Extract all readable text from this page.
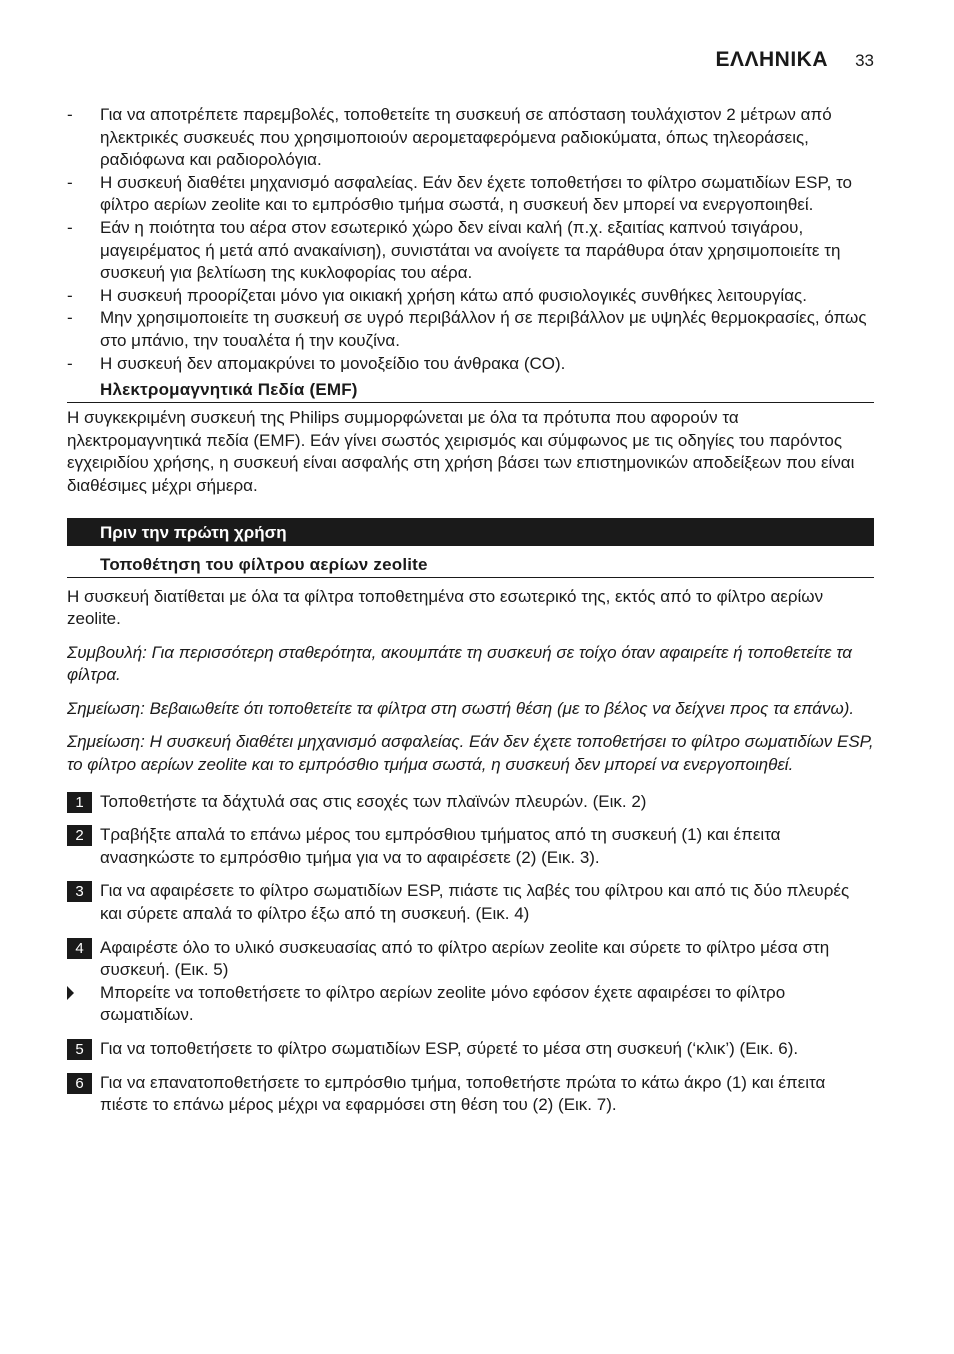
ΕΛΛΗΝΙΚΑ 33
- Για να αποτρέπετε παρεμβολές, τοποθετείτε τη συσκευή σε απόσταση τουλάχιστον 2 μέτρων από ηλεκτρικές συσκευές που χρησιμοποιούν αερομεταφερόμενα ραδιοκύματα, όπως τηλεοράσεις, ραδιόφωνα και ραδιορολόγια.
- Η συσκευή διαθέτει μηχανισμό ασφαλείας. Εάν δεν έχετε τοποθετήσει το φίλτρο σωματιδίων ESP, το φίλτρο αερίων zeolite και το εμπρόσθιο τμήμα σωστά, η συσκευή δεν μπορεί να ενεργοποιηθεί.
- Εάν η ποιότητα του αέρα στον εσωτερικό χώρο δεν είναι καλή (π.χ. εξαιτίας καπνού τσιγάρου, μαγειρέματος ή μετά από ανακαίνιση), συνιστάται να ανοίγετε τα παράθυρα όταν χρησιμοποιείτε τη συσκευή για βελτίωση της κυκλοφορίας του αέρα.
- Η συσκευή προορίζεται μόνο για οικιακή χρήση κάτω από φυσιολογικές συνθήκες λειτουργίας.
- Μην χρησιμοποιείτε τη συσκευή σε υγρό περιβάλλον ή σε περιβάλλον με υψηλές θερμοκρασίες, όπως στο μπάνιο, την τουαλέτα ή την κουζίνα.
- Η συσκευή δεν απομακρύνει το μονοξείδιο του άνθρακα (CO).
Ηλεκτρομαγνητικά Πεδία (EMF)

Η συγκεκριμένη συσκευή της Philips συμμορφώνεται με όλα τα πρότυπα που αφορούν τα ηλεκτρομαγνητικά πεδία (EMF). Εάν γίνει σωστός χειρισμός και σύμφωνος με τις οδηγίες του παρόντος εγχειριδίου χρήσης, η συσκευή είναι ασφαλής στη χρήση βάσει των επιστημονικών αποδείξεων που είναι διαθέσιμες μέχρι σήμερα.

Πριν την πρώτη χρήση
Τοποθέτηση του φίλτρου αερίων zeolite

Η συσκευή διατίθεται με όλα τα φίλτρα τοποθετημένα στο εσωτερικό της, εκτός από το φίλτρο αερίων zeolite.

Συμβουλή: Για περισσότερη σταθερότητα, ακουμπάτε τη συσκευή σε τοίχο όταν αφαιρείτε ή τοποθετείτε τα φίλτρα.

Σημείωση: Βεβαιωθείτε ότι τοποθετείτε τα φίλτρα στη σωστή θέση (με το βέλος να δείχνει προς τα επάνω).

Σημείωση: Η συσκευή διαθέτει μηχανισμό ασφαλείας. Εάν δεν έχετε τοποθετήσει το φίλτρο σωματιδίων ESP, το φίλτρο αερίων zeolite και το εμπρόσθιο τμήμα σωστά, η συσκευή δεν μπορεί να ενεργοποιηθεί.

1 Τοποθετήστε τα δάχτυλά σας στις εσοχές των πλαϊνών πλευρών. (Εικ. 2)
2 Τραβήξτε απαλά το επάνω μέρος του εμπρόσθιου τμήματος από τη συσκευή (1) και έπειτα ανασηκώστε το εμπρόσθιο τμήμα για να το αφαιρέσετε (2) (Εικ. 3).
3 Για να αφαιρέσετε το φίλτρο σωματιδίων ESP, πιάστε τις λαβές του φίλτρου και από τις δύο πλευρές και σύρετε απαλά το φίλτρο έξω από τη συσκευή. (Εικ. 4)
4 Αφαιρέστε όλο το υλικό συσκευασίας από το φίλτρο αερίων zeolite και σύρετε το φίλτρο μέσα στη συσκευή. (Εικ. 5)
Μπορείτε να τοποθετήσετε το φίλτρο αερίων zeolite μόνο εφόσον έχετε αφαιρέσει το φίλτρο σωματιδίων.
5 Για να τοποθετήσετε το φίλτρο σωματιδίων ESP, σύρετέ το μέσα στη συσκευή (‘κλικ’) (Εικ. 6).
6 Για να επανατοποθετήσετε το εμπρόσθιο τμήμα, τοποθετήστε πρώτα το κάτω άκρο (1) και έπειτα πιέστε το επάνω μέρος μέχρι να εφαρμόσει στη θέση του (2) (Εικ. 7).
